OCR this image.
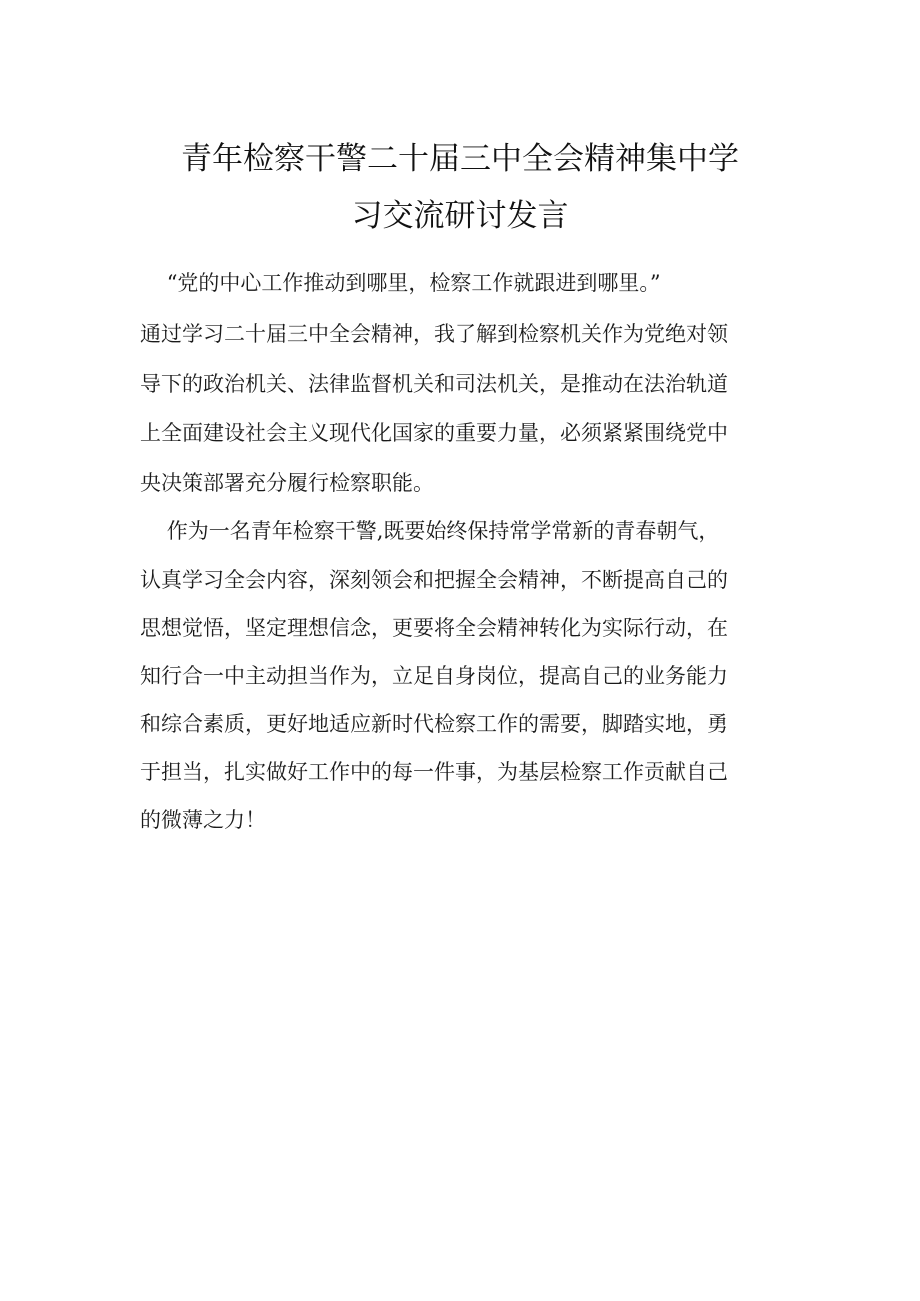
青年检察干警二十届三中全会精神集中学
习交流研讨发言
“党的中心工作推动到哪里，检察工作就跟进到哪里。”
通过学习二十届三中全会精神，我了解到检察机关作为党绝对领
导下的政治机关、法律监督机关和司法机关，是推动在法治轨道
上全面建设社会主义现代化国家的重要力量，必须紧紧围绕党中
央决策部署充分履行检察职能。
作为一名青年检察干警,既要始终保持常学常新的青春朝气，
认真学习全会内容，深刻领会和把握全会精神，不断提高自己的
思想觉悟，坚定理想信念，更要将全会精神转化为实际行动，在
知行合一中主动担当作为，立足自身岗位，提高自己的业务能力
和综合素质，更好地适应新时代检察工作的需要，脚踏实地，勇
于担当，扎实做好工作中的每一件事，为基层检察工作贡献自己
的微薄之力！
